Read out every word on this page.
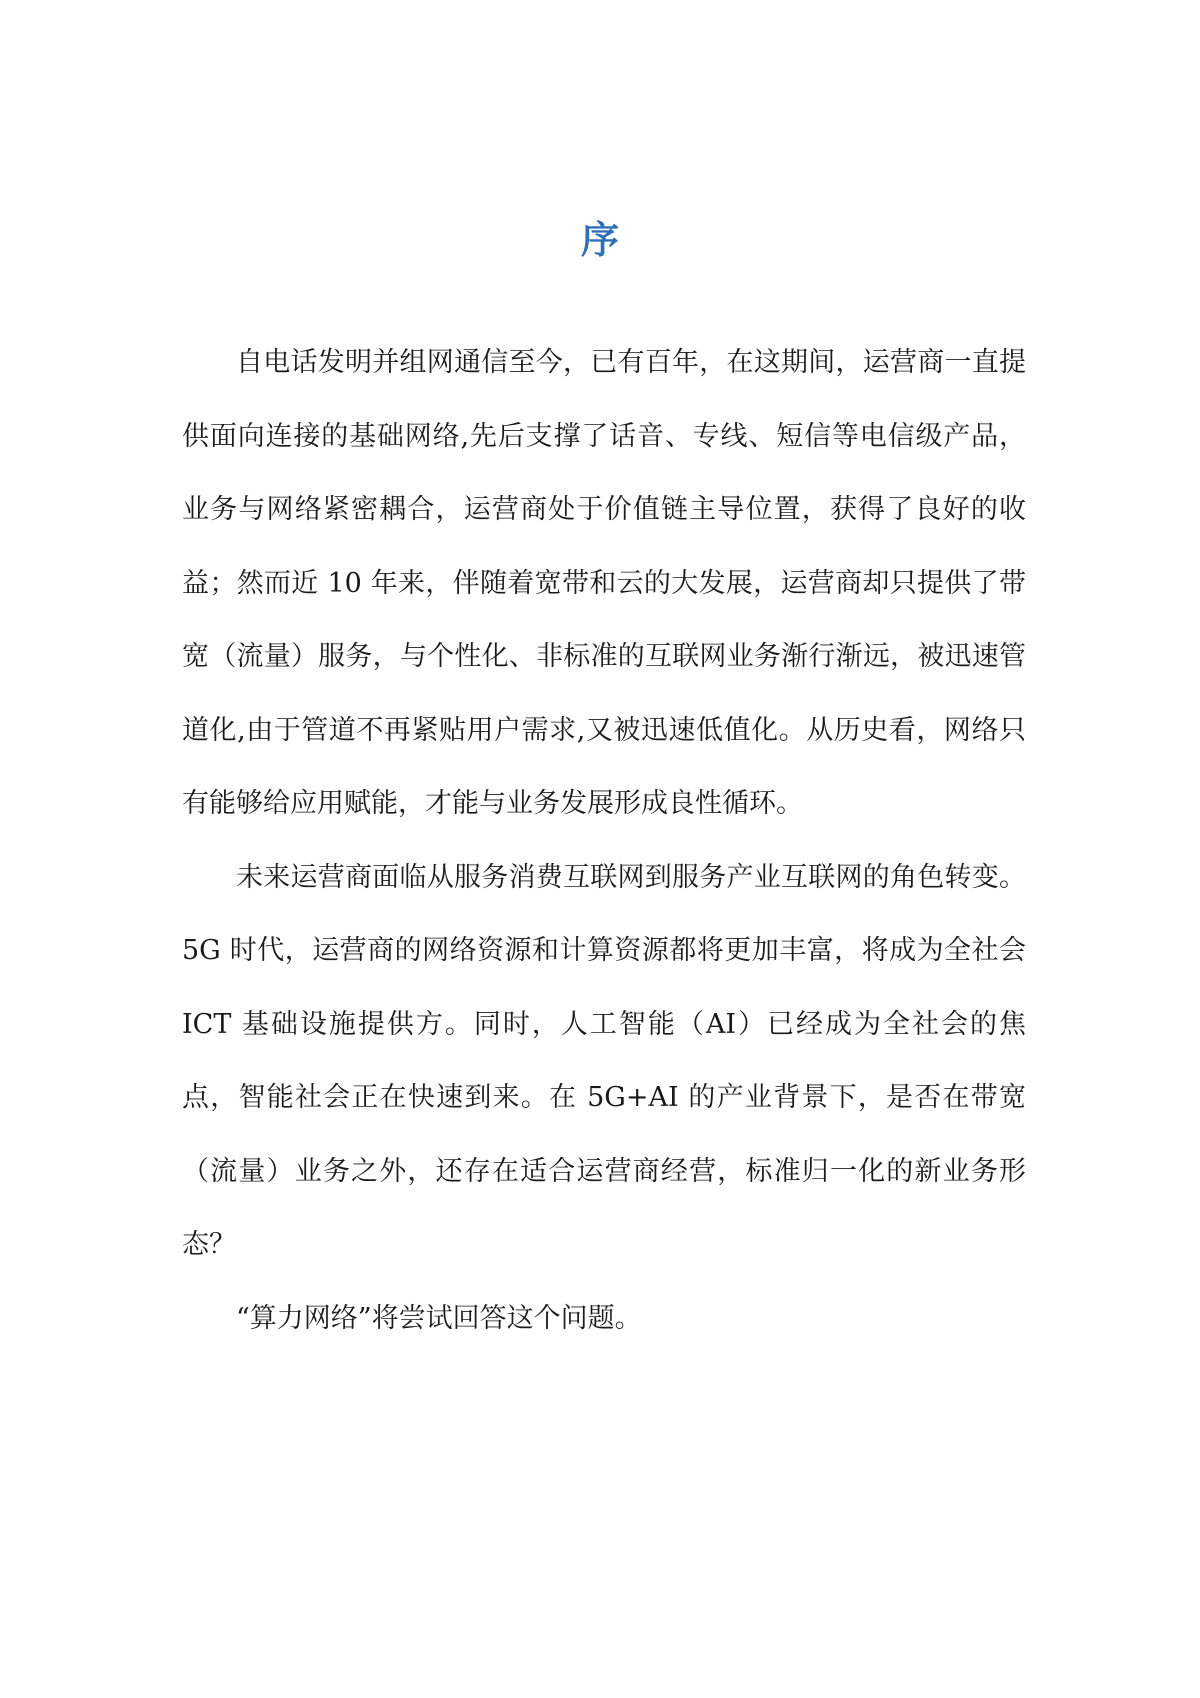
序

自电话发明并组网通信至今，已有百年，在这期间，运营商一直提供面向连接的基础网络,先后支撑了话音、专线、短信等电信级产品，业务与网络紧密耦合，运营商处于价值链主导位置，获得了良好的收益；然而近 10 年来，伴随着宽带和云的大发展，运营商却只提供了带宽（流量）服务，与个性化、非标准的互联网业务渐行渐远，被迅速管道化,由于管道不再紧贴用户需求,又被迅速低值化。从历史看，网络只有能够给应用赋能，才能与业务发展形成良性循环。

未来运营商面临从服务消费互联网到服务产业互联网的角色转变。5G 时代，运营商的网络资源和计算资源都将更加丰富，将成为全社会 ICT 基础设施提供方。同时，人工智能（AI）已经成为全社会的焦点，智能社会正在快速到来。在 5G+AI 的产业背景下，是否在带宽（流量）业务之外，还存在适合运营商经营，标准归一化的新业务形态？

“算力网络”将尝试回答这个问题。
